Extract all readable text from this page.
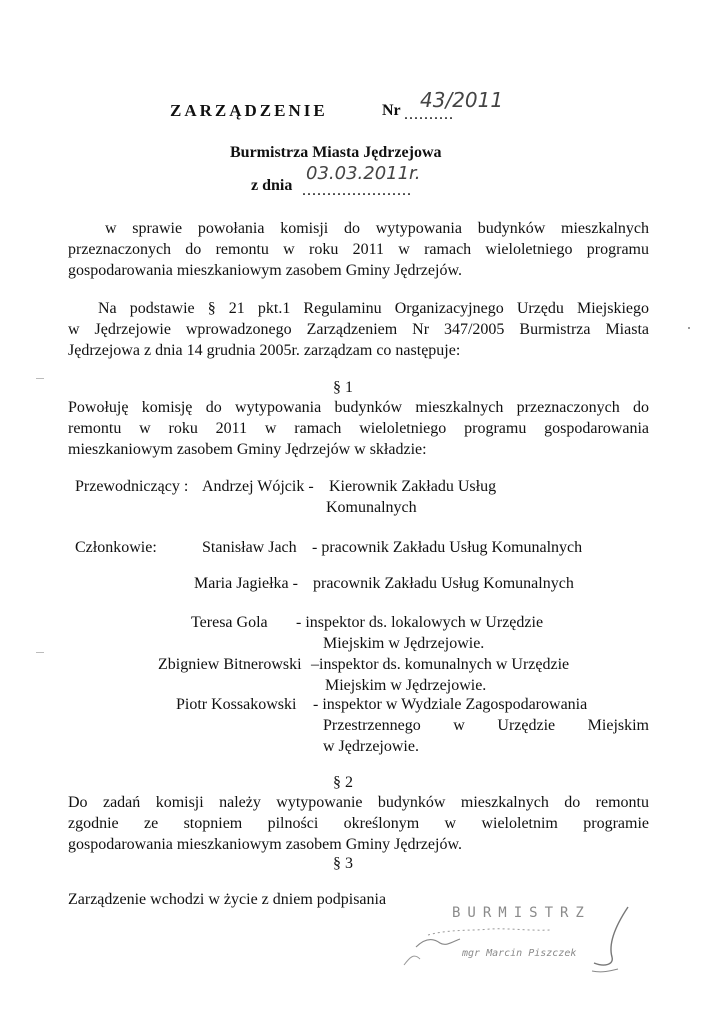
ZARZĄDZENIE	Nr ..........
43/2011
Burmistrza Miasta Jędrzejowa
z dnia ......................
03.03.2011r.
w sprawie powołania komisji do wytypowania budynków mieszkalnych
przeznaczonych do remontu w roku 2011 w ramach wieloletniego programu
gospodarowania mieszkaniowym zasobem Gminy Jędrzejów.
Na podstawie § 21 pkt.1 Regulaminu Organizacyjnego Urzędu Miejskiego
w Jędrzejowie wprowadzonego Zarządzeniem Nr 347/2005 Burmistrza Miasta
Jędrzejowa z dnia 14 grudnia 2005r. zarządzam co następuje:
§ 1
Powołuję komisję do wytypowania budynków mieszkalnych przeznaczonych do
remontu w roku 2011 w ramach wieloletniego programu gospodarowania
mieszkaniowym zasobem Gminy Jędrzejów w składzie:
Przewodniczący : Andrzej Wójcik - Kierownik Zakładu Usług
Komunalnych
Członkowie:	Stanisław Jach - pracownik Zakładu Usług Komunalnych
Maria Jagiełka - pracownik Zakładu Usług Komunalnych
Teresa Gola - inspektor ds. lokalowych w Urzędzie
Miejskim w Jędrzejowie.
Zbigniew Bitnerowski –inspektor ds. komunalnych w Urzędzie
Miejskim w Jędrzejowie.
Piotr Kossakowski - inspektor w Wydziale Zagospodarowania
Przestrzennego w Urzędzie Miejskim
w Jędrzejowie.
§ 2
Do zadań komisji należy wytypowanie budynków mieszkalnych do remontu
zgodnie ze stopniem pilności określonym w wieloletnim programie
gospodarowania mieszkaniowym zasobem Gminy Jędrzejów.
§ 3
Zarządzenie wchodzi w życie z dniem podpisania
BURMISTRZ
mgr Marcin Piszczek
